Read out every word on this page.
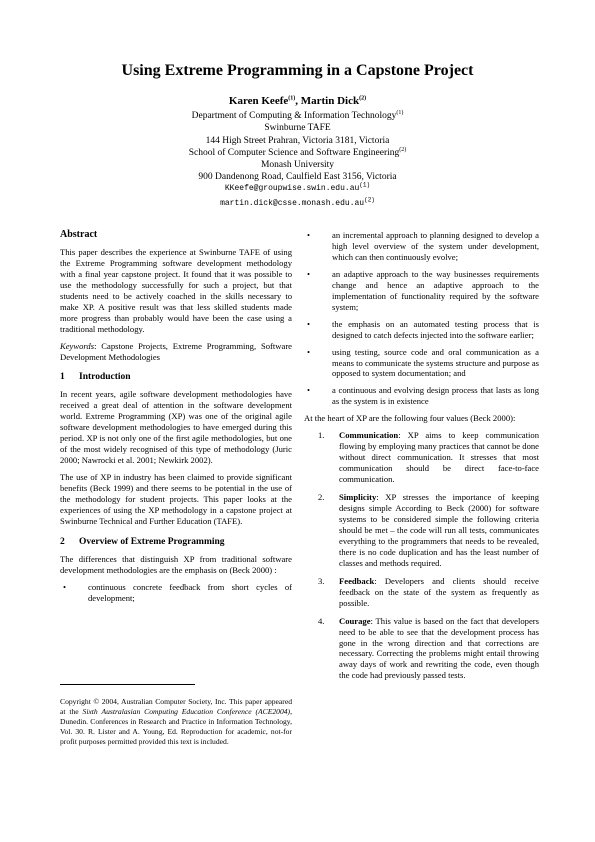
Using Extreme Programming in a Capstone Project
Karen Keefe$^{(1)}$, Martin Dick$^{(2)}$
Department of Computing & Information Technology$^{(1)}$
Swinburne TAFE
144 High Street Prahran, Victoria 3181, Victoria
School of Computer Science and Software Engineering$^{(2)}$
Monash University
900 Dandenong Road, Caulfield East 3156, Victoria
$KKeefe@groupwise.swin.edu.au^{(1)}$
$martin.dick@csse.monash.edu.au^{(2)}$
Abstract

This paper describes the experience at Swinburne TAFE of using the Extreme Programming software development methodology with a final year capstone project. It found that it was possible to use the methodology successfully for such a project, but that students need to be actively coached in the skills necessary to make XP. A positive result was that less skilled students made more progress than probably would have been the case using a traditional methodology.

Keywords: Capstone Projects, Extreme Programming, Software Development Methodologies

1 Introduction

In recent years, agile software development methodologies have received a great deal of attention in the software development world. Extreme Programming (XP) was one of the original agile software development methodologies to have emerged during this period. XP is not only one of the first agile methodologies, but one of the most widely recognised of this type of methodology (Juric 2000; Nawrocki et al. 2001; Newkirk 2002).

The use of XP in industry has been claimed to provide significant benefits (Beck 1999) and there seems to be potential in the use of the methodology for student projects. This paper looks at the experiences of using the XP methodology in a capstone project at Swinburne Technical and Further Education (TAFE).

2 Overview of Extreme Programming

The differences that distinguish XP from traditional software development methodologies are the emphasis on (Beck 2000) :

•	continuous concrete feedback from short cycles of development;
Copyright © 2004, Australian Computer Society, Inc. This paper appeared at the Sixth Australasian Computing Education Conference (ACE2004), Dunedin. Conferences in Research and Practice in Information Technology, Vol. 30. R. Lister and A. Young, Ed. Reproduction for academic, not-for profit purposes permitted provided this text is included.
•	an incremental approach to planning designed to develop a high level overview of the system under development, which can then continuously evolve;
•	an adaptive approach to the way businesses requirements change and hence an adaptive approach to the implementation of functionality required by the software system;
•	the emphasis on an automated testing process that is designed to catch defects injected into the software earlier;
•	using testing, source code and oral communication as a means to communicate the systems structure and purpose as opposed to system documentation; and
•	a continuous and evolving design process that lasts as long as the system is in existence

At the heart of XP are the following four values (Beck 2000):

1. Communication: XP aims to keep communication flowing by employing many practices that cannot be done without direct communication. It stresses that most communication should be direct face-to-face communication.
2. Simplicity: XP stresses the importance of keeping designs simple According to Beck (2000) for software systems to be considered simple the following criteria should be met – the code will run all tests, communicates everything to the programmers that needs to be revealed, there is no code duplication and has the least number of classes and methods required.
3. Feedback: Developers and clients should receive feedback on the state of the system as frequently as possible.
4. Courage: This value is based on the fact that developers need to be able to see that the development process has gone in the wrong direction and that corrections are necessary. Correcting the problems might entail throwing away days of work and rewriting the code, even though the code had previously passed tests.
